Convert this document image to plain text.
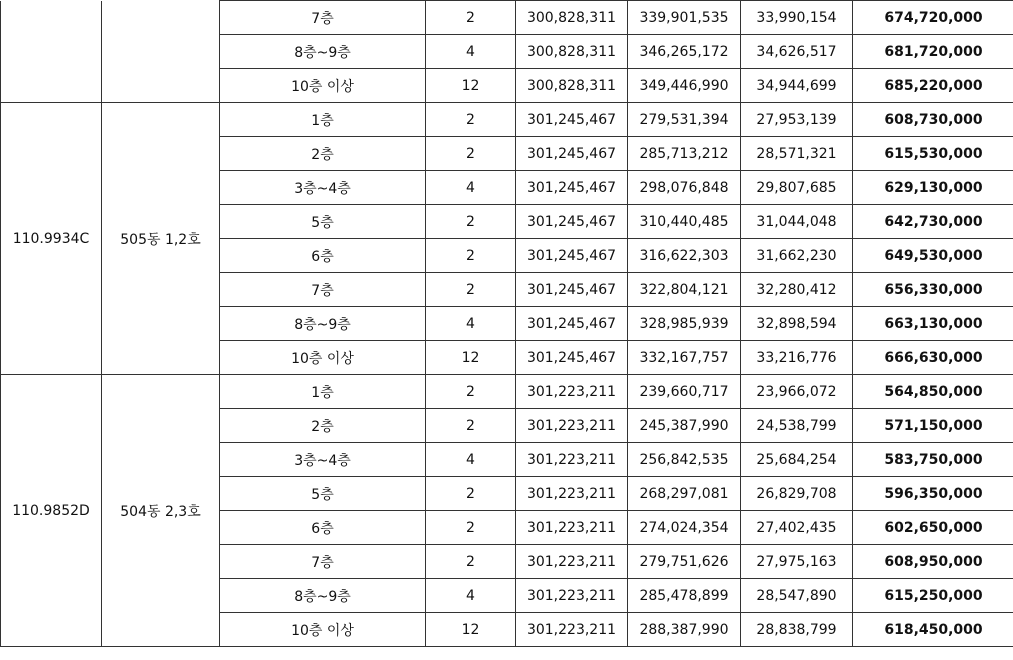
		7층	2	300,828,311	339,901,535	33,990,154	674,720,000
		8층~9층	4	300,828,311	346,265,172	34,626,517	681,720,000
		10층 이상	12	300,828,311	349,446,990	34,944,699	685,220,000
110.9934C	505동 1,2호	1층	2	301,245,467	279,531,394	27,953,139	608,730,000
		2층	2	301,245,467	285,713,212	28,571,321	615,530,000
		3층~4층	4	301,245,467	298,076,848	29,807,685	629,130,000
		5층	2	301,245,467	310,440,485	31,044,048	642,730,000
		6층	2	301,245,467	316,622,303	31,662,230	649,530,000
		7층	2	301,245,467	322,804,121	32,280,412	656,330,000
		8층~9층	4	301,245,467	328,985,939	32,898,594	663,130,000
		10층 이상	12	301,245,467	332,167,757	33,216,776	666,630,000
110.9852D	504동 2,3호	1층	2	301,223,211	239,660,717	23,966,072	564,850,000
		2층	2	301,223,211	245,387,990	24,538,799	571,150,000
		3층~4층	4	301,223,211	256,842,535	25,684,254	583,750,000
		5층	2	301,223,211	268,297,081	26,829,708	596,350,000
		6층	2	301,223,211	274,024,354	27,402,435	602,650,000
		7층	2	301,223,211	279,751,626	27,975,163	608,950,000
		8층~9층	4	301,223,211	285,478,899	28,547,890	615,250,000
		10층 이상	12	301,223,211	288,387,990	28,838,799	618,450,000
